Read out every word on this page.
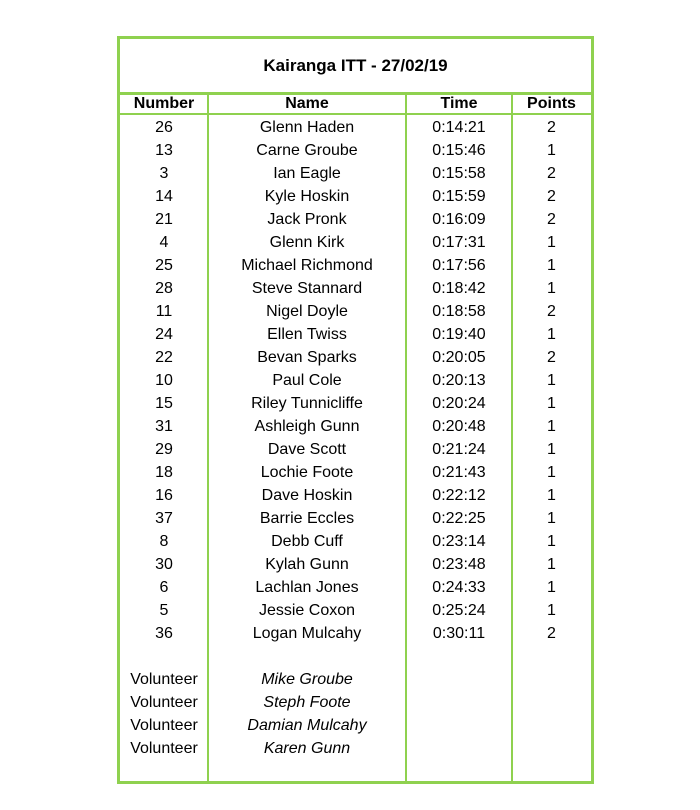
Kairanga ITT - 27/02/19
Number	Name	Time	Points
26	Glenn Haden	0:14:21	2
13	Carne Groube	0:15:46	1
3	Ian Eagle	0:15:58	2
14	Kyle Hoskin	0:15:59	2
21	Jack Pronk	0:16:09	2
4	Glenn Kirk	0:17:31	1
25	Michael Richmond	0:17:56	1
28	Steve Stannard	0:18:42	1
11	Nigel Doyle	0:18:58	2
24	Ellen Twiss	0:19:40	1
22	Bevan Sparks	0:20:05	2
10	Paul Cole	0:20:13	1
15	Riley Tunnicliffe	0:20:24	1
31	Ashleigh Gunn	0:20:48	1
29	Dave Scott	0:21:24	1
18	Lochie Foote	0:21:43	1
16	Dave Hoskin	0:22:12	1
37	Barrie Eccles	0:22:25	1
8	Debb Cuff	0:23:14	1
30	Kylah Gunn	0:23:48	1
6	Lachlan Jones	0:24:33	1
5	Jessie Coxon	0:25:24	1
36	Logan Mulcahy	0:30:11	2
Volunteer	Mike Groube
Volunteer	Steph Foote
Volunteer	Damian Mulcahy
Volunteer	Karen Gunn
